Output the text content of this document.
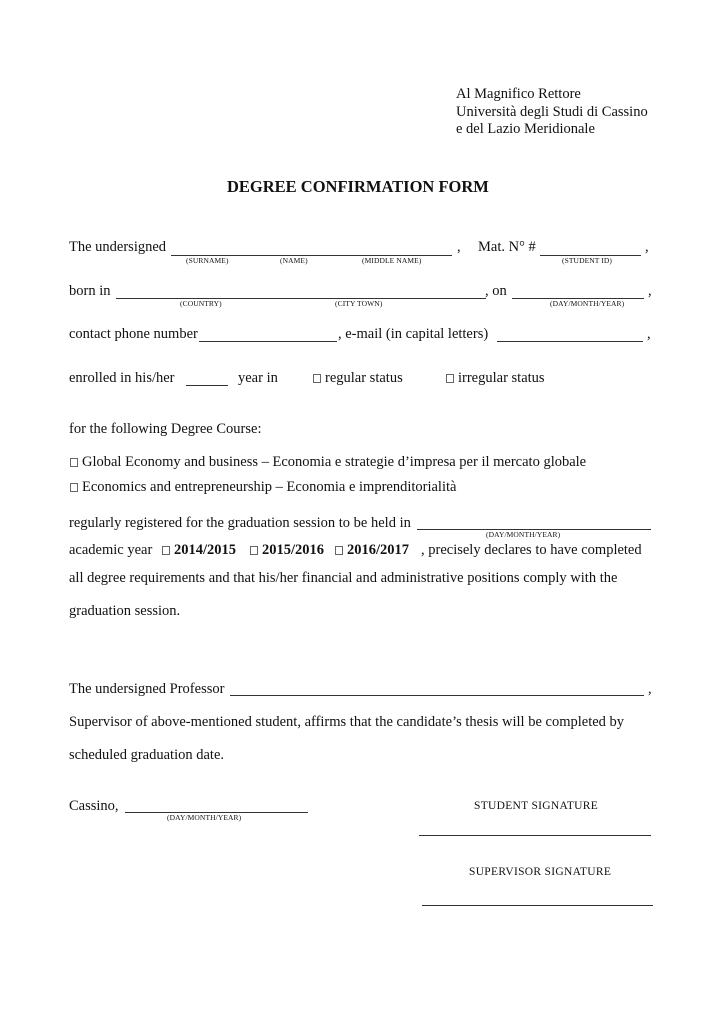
Al Magnifico Rettore
Università degli Studi di Cassino
e del Lazio Meridionale
DEGREE CONFIRMATION FORM
The undersigned	, Mat. N° #	,
(SURNAME)	(NAME)	(MIDDLE NAME)	(STUDENT ID)
born in	, on	,
(COUNTRY)	(CITY TOWN)	(DAY/MONTH/YEAR)
contact phone number	, e-mail (in capital letters)	,
enrolled in his/her	year in	regular status	irregular status
for the following Degree Course:
Global Economy and business – Economia e strategie d’impresa per il mercato globale
Economics and entrepreneurship – Economia e imprenditorialità
regularly registered for the graduation session to be held in
(DAY/MONTH/YEAR)
academic year	2014/2015	2015/2016	2016/2017 , precisely declares to have completed
all degree requirements and that his/her financial and administrative positions comply with the
graduation session.
The undersigned Professor	,
Supervisor of above-mentioned student, affirms that the candidate’s thesis will be completed by
scheduled graduation date.
Cassino,
(DAY/MONTH/YEAR)
STUDENT SIGNATURE
SUPERVISOR SIGNATURE
